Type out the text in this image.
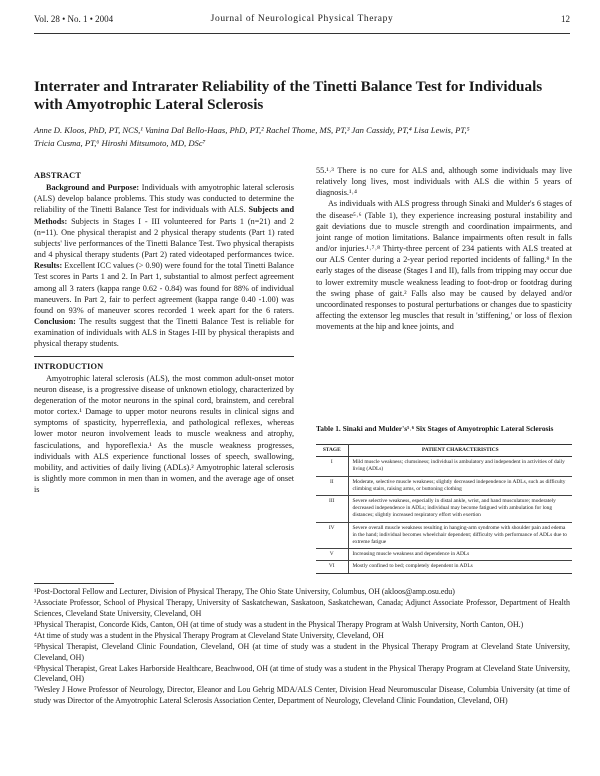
Vol. 28 • No. 1 • 2004	Journal of Neurological Physical Therapy	12
Interrater and Intrarater Reliability of the Tinetti Balance Test for Individuals with Amyotrophic Lateral Sclerosis
Anne D. Kloos, PhD, PT, NCS,¹ Vanina Dal Bello-Haas, PhD, PT,² Rachel Thome, MS, PT,³ Jan Cassidy, PT,⁴ Lisa Lewis, PT,⁵
Tricia Cusma, PT,⁶ Hiroshi Mitsumoto, MD, DSc⁷
ABSTRACT

Background and Purpose: Individuals with amyotrophic lateral sclerosis (ALS) develop balance problems. This study was conducted to determine the reliability of the Tinetti Balance Test for individuals with ALS. Subjects and Methods: Subjects in Stages I - III volunteered for Parts 1 (n=21) and 2 (n=11). One physical therapist and 2 physical therapy students (Part 1) rated subjects' live performances of the Tinetti Balance Test. Two physical therapists and 4 physical therapy students (Part 2) rated videotaped performances twice. Results: Excellent ICC values (> 0.90) were found for the total Tinetti Balance Test scores in Parts 1 and 2. In Part 1, substantial to almost perfect agreement among all 3 raters (kappa range 0.62 - 0.84) was found for 88% of individual maneuvers. In Part 2, fair to perfect agreement (kappa range 0.40 -1.00) was found on 93% of maneuver scores recorded 1 week apart for the 6 raters. Conclusion: The results suggest that the Tinetti Balance Test is reliable for examination of individuals with ALS in Stages I-III by physical therapists and physical therapy students.

INTRODUCTION

Amyotrophic lateral sclerosis (ALS), the most common adult-onset motor neuron disease, is a progressive disease of unknown etiology, characterized by degeneration of the motor neurons in the spinal cord, brainstem, and cerebral motor cortex.¹ Damage to upper motor neurons results in clinical signs and symptoms of spasticity, hyperreflexia, and pathological reflexes, whereas lower motor neuron involvement leads to muscle weakness and atrophy, fasciculations, and hyporeflexia.¹ As the muscle weakness progresses, individuals with ALS experience functional losses of speech, swallowing, mobility, and activities of daily living (ADLs).² Amyotrophic lateral sclerosis is slightly more common in men than in women, and the average age of onset is

55.¹˒³ There is no cure for ALS and, although some individuals may live relatively long lives, most individuals with ALS die within 5 years of diagnosis.¹˒⁴

As individuals with ALS progress through Sinaki and Mulder's 6 stages of the disease⁵˒⁶ (Table 1), they experience increasing postural instability and gait deviations due to muscle strength and coordination impairments, and joint range of motion limitations. Balance impairments often result in falls and/or injuries.¹˒⁷˒⁸ Thirty-three percent of 234 patients with ALS treated at our ALS Center during a 2-year period reported incidents of falling.⁹ In the early stages of the disease (Stages I and II), falls from tripping may occur due to lower extremity muscle weakness leading to foot-drop or footdrag during the swing phase of gait.² Falls also may be caused by delayed and/or uncoordinated responses to postural perturbations or changes due to spasticity affecting the extensor leg muscles that result in 'stiffening,' or loss of flexion movements at the hip and knee joints, and

Table 1. Sinaki and Mulder's⁵˒⁶ Six Stages of Amyotrophic Lateral Sclerosis
STAGE	PATIENT CHARACTERISTICS
I	Mild muscle weakness; clumsiness; individual is ambulatory and independent in activities of daily living (ADLs)
II	Moderate, selective muscle weakness; slightly decreased independence in ADLs, such as difficulty climbing stairs, raising arms, or buttoning clothing
III	Severe selective weakness, especially in distal ankle, wrist, and hand musculature; moderately decreased independence in ADLs; individual may become fatigued with ambulation for long distances; slightly increased respiratory effort with exertion
IV	Severe overall muscle weakness resulting in hanging-arm syndrome with shoulder pain and edema in the hand; individual becomes wheelchair dependent; difficulty with performance of ADLs due to extreme fatigue
V	Increasing muscle weakness and dependence in ADLs
VI	Mostly confined to bed; completely dependent in ADLs
¹Post-Doctoral Fellow and Lecturer, Division of Physical Therapy, The Ohio State University, Columbus, OH (akloos@amp.osu.edu)
²Associate Professor, School of Physical Therapy, University of Saskatchewan, Saskatoon, Saskatchewan, Canada; Adjunct Associate Professor, Department of Health Sciences, Cleveland State University, Cleveland, OH
³Physical Therapist, Concorde Kids, Canton, OH (at time of study was a student in the Physical Therapy Program at Walsh University, North Canton, OH.)
⁴At time of study was a student in the Physical Therapy Program at Cleveland State University, Cleveland, OH
⁵Physical Therapist, Cleveland Clinic Foundation, Cleveland, OH (at time of study was a student in the Physical Therapy Program at Cleveland State University, Cleveland, OH)
⁶Physical Therapist, Great Lakes Harborside Healthcare, Beachwood, OH (at time of study was a student in the Physical Therapy Program at Cleveland State University, Cleveland, OH)
⁷Wesley J Howe Professor of Neurology, Director, Eleanor and Lou Gehrig MDA/ALS Center, Division Head Neuromuscular Disease, Columbia University (at time of study was Director of the Amyotrophic Lateral Sclerosis Association Center, Department of Neurology, Cleveland Clinic Foundation, Cleveland, OH)
